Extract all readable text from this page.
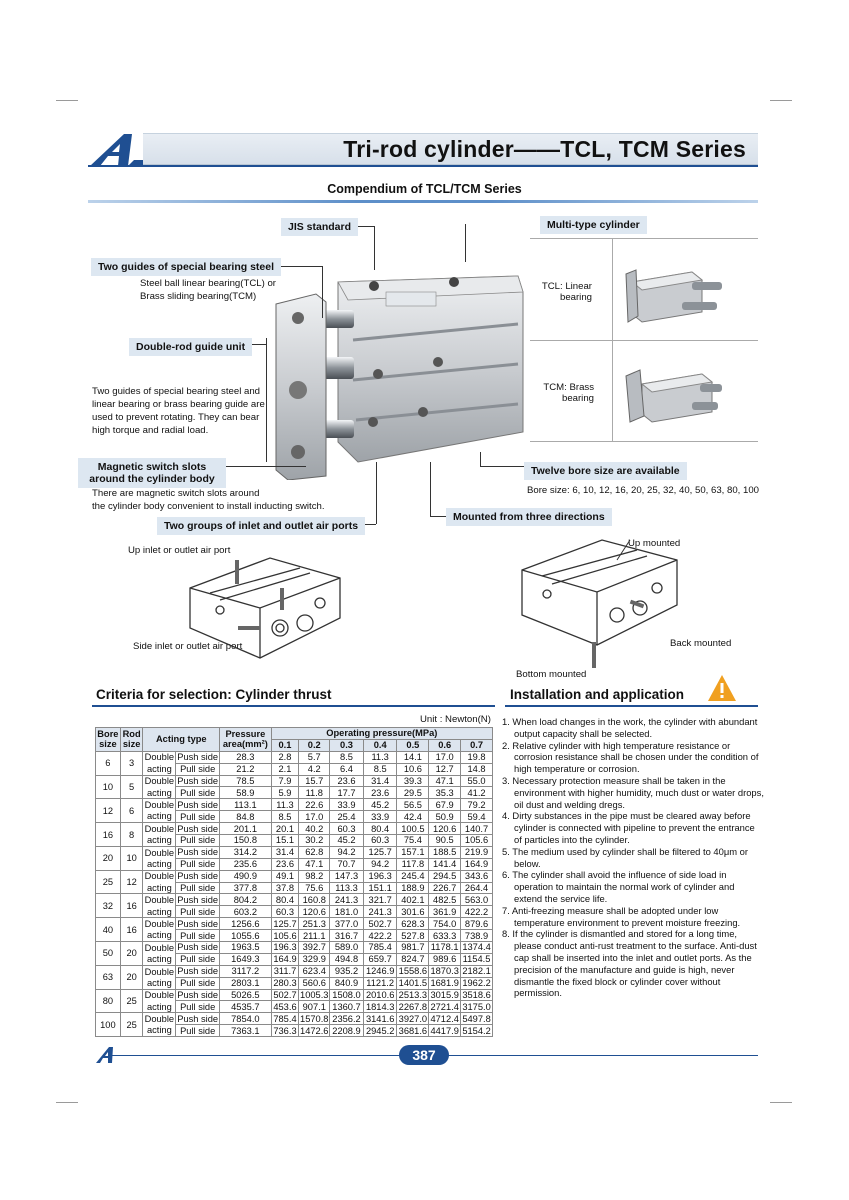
Tri-rod cylinder——TCL, TCM Series
Compendium of TCL/TCM Series
JIS standard	Multi-type cylinder
Two guides of special bearing steel
Steel ball linear bearing(TCL) or
Brass sliding bearing(TCM)
Double-rod guide unit
Two guides of special bearing steel and linear bearing or brass bearing guide are used to prevent rotating. They can bear high torque and radial load.
Magnetic switch slots
around the cylinder body
There are magnetic switch slots around
the cylinder body convenient to install inducting switch.
Two groups of inlet and outlet air ports
Twelve bore size are available
Bore size: 6, 10, 12, 16, 20, 25, 32, 40, 50, 63, 80, 100
Mounted from three directions
TCL: Linear
bearing
TCM: Brass
bearing
Up inlet or outlet air port
Side inlet or outlet air port
Up mounted
Back mounted
Bottom mounted
Criteria for selection: Cylinder thrust
Unit : Newton(N)
Bore
size	Rod
size	Acting type		Pressure
area(mm²)	Operating pressure(MPa)						
					0.1	0.2	0.3	0.4	0.5	0.6	0.7
6	3	Double	Push side	28.3	2.8	5.7	8.5	11.3	14.1	17.0	19.8
		acting	Pull side	21.2	2.1	4.2	6.4	8.5	10.6	12.7	14.8
10	5	Double	Push side	78.5	7.9	15.7	23.6	31.4	39.3	47.1	55.0
		acting	Pull side	58.9	5.9	11.8	17.7	23.6	29.5	35.3	41.2
12	6	Double	Push side	113.1	11.3	22.6	33.9	45.2	56.5	67.9	79.2
		acting	Pull side	84.8	8.5	17.0	25.4	33.9	42.4	50.9	59.4
16	8	Double	Push side	201.1	20.1	40.2	60.3	80.4	100.5	120.6	140.7
		acting	Pull side	150.8	15.1	30.2	45.2	60.3	75.4	90.5	105.6
20	10	Double	Push side	314.2	31.4	62.8	94.2	125.7	157.1	188.5	219.9
		acting	Pull side	235.6	23.6	47.1	70.7	94.2	117.8	141.4	164.9
25	12	Double	Push side	490.9	49.1	98.2	147.3	196.3	245.4	294.5	343.6
		acting	Pull side	377.8	37.8	75.6	113.3	151.1	188.9	226.7	264.4
32	16	Double	Push side	804.2	80.4	160.8	241.3	321.7	402.1	482.5	563.0
		acting	Pull side	603.2	60.3	120.6	181.0	241.3	301.6	361.9	422.2
40	16	Double	Push side	1256.6	125.7	251.3	377.0	502.7	628.3	754.0	879.6
		acting	Pull side	1055.6	105.6	211.1	316.7	422.2	527.8	633.3	738.9
50	20	Double	Push side	1963.5	196.3	392.7	589.0	785.4	981.7	1178.1	1374.4
		acting	Pull side	1649.3	164.9	329.9	494.8	659.7	824.7	989.6	1154.5
63	20	Double	Push side	3117.2	311.7	623.4	935.2	1246.9	1558.6	1870.3	2182.1
		acting	Pull side	2803.1	280.3	560.6	840.9	1121.2	1401.5	1681.9	1962.2
80	25	Double	Push side	5026.5	502.7	1005.3	1508.0	2010.6	2513.3	3015.9	3518.6
		acting	Pull side	4535.7	453.6	907.1	1360.7	1814.3	2267.8	2721.4	3175.0
100	25	Double	Push side	7854.0	785.4	1570.8	2356.2	3141.6	3927.0	4712.4	5497.8
		acting	Pull side	7363.1	736.3	1472.6	2208.9	2945.2	3681.6	4417.9	5154.2
Installation and application
1. When load changes in the work, the cylinder with abundant output capacity shall be selected.
2. Relative cylinder with high temperature resistance or corrosion resistance shall be chosen under the condition of high temperature or corrosion.
3. Necessary protection measure shall be taken in the environment with higher humidity, much dust or water drops, oil dust and welding dregs.
4. Dirty substances in the pipe must be cleared away before cylinder is connected with pipeline to prevent the entrance of particles into the cylinder.
5. The medium used by cylinder shall be filtered to 40μm or below.
6. The cylinder shall avoid the influence of side load in operation to maintain the normal work of cylinder and extend the service life.
7. Anti-freezing measure shall be adopted under low temperature environment to prevent moisture freezing.
8. If the cylinder is dismantled and stored for a long time, please conduct anti-rust treatment to the surface. Anti-dust cap shall be inserted into the inlet and outlet ports. As the precision of the manufacture and guide is high, never dismantle the fixed block or cylinder cover without permission.
387
